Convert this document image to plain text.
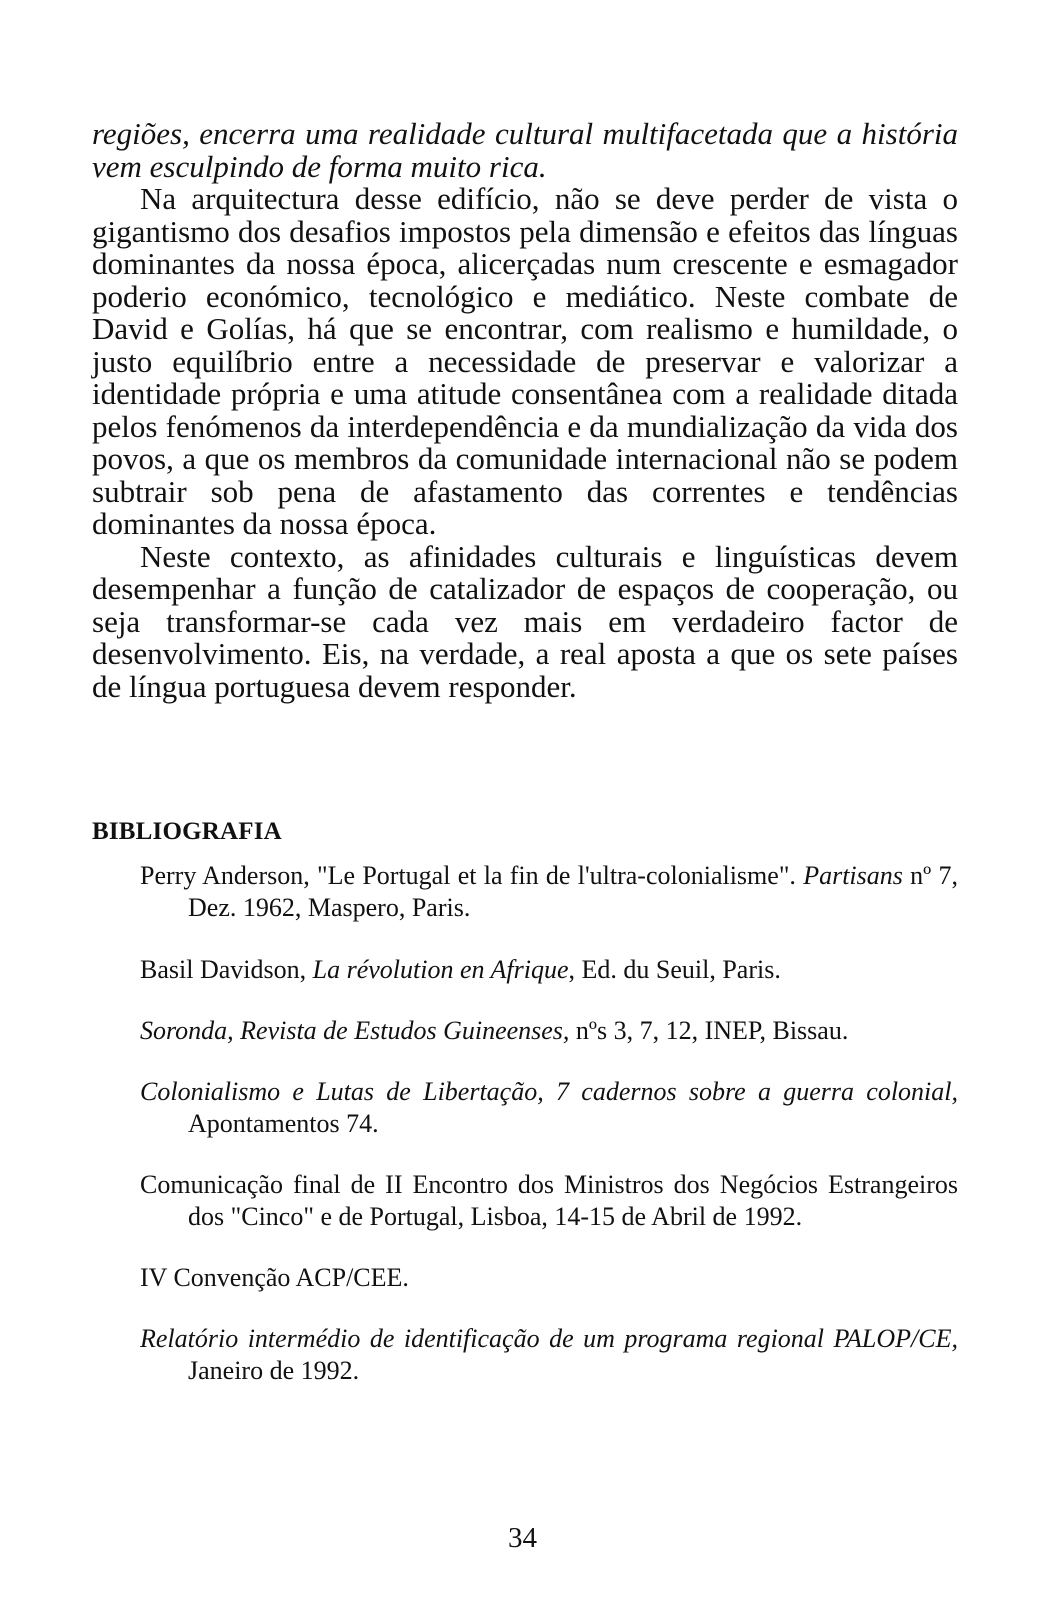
regiões, encerra uma realidade cultural multifacetada que a história vem esculpindo de forma muito rica.

Na arquitectura desse edifício, não se deve perder de vista o gigantismo dos desafios impostos pela dimensão e efeitos das línguas dominantes da nossa época, alicerçadas num crescente e esmagador poderio económico, tecnológico e mediático. Neste combate de David e Golías, há que se encontrar, com realismo e humildade, o justo equilíbrio entre a necessidade de preservar e valorizar a identidade própria e uma atitude consentânea com a realidade ditada pelos fenómenos da interdependência e da mundialização da vida dos povos, a que os membros da comunidade internacional não se podem subtrair sob pena de afastamento das correntes e tendências dominantes da nossa época.

Neste contexto, as afinidades culturais e linguísticas devem desempenhar a função de catalizador de espaços de cooperação, ou seja transformar-se cada vez mais em verdadeiro factor de desenvolvimento. Eis, na verdade, a real aposta a que os sete países de língua portuguesa devem responder.

BIBLIOGRAFIA

Perry Anderson, "Le Portugal et la fin de l'ultra-colonialisme". Partisans nº 7, Dez. 1962, Maspero, Paris.

Basil Davidson, La révolution en Afrique, Ed. du Seuil, Paris.

Soronda, Revista de Estudos Guineenses, nºs 3, 7, 12, INEP, Bissau.

Colonialismo e Lutas de Libertação, 7 cadernos sobre a guerra colonial, Apontamentos 74.

Comunicação final de II Encontro dos Ministros dos Negócios Estrangeiros dos "Cinco" e de Portugal, Lisboa, 14-15 de Abril de 1992.

IV Convenção ACP/CEE.

Relatório intermédio de identificação de um programa regional PALOP/CE, Janeiro de 1992.

34
